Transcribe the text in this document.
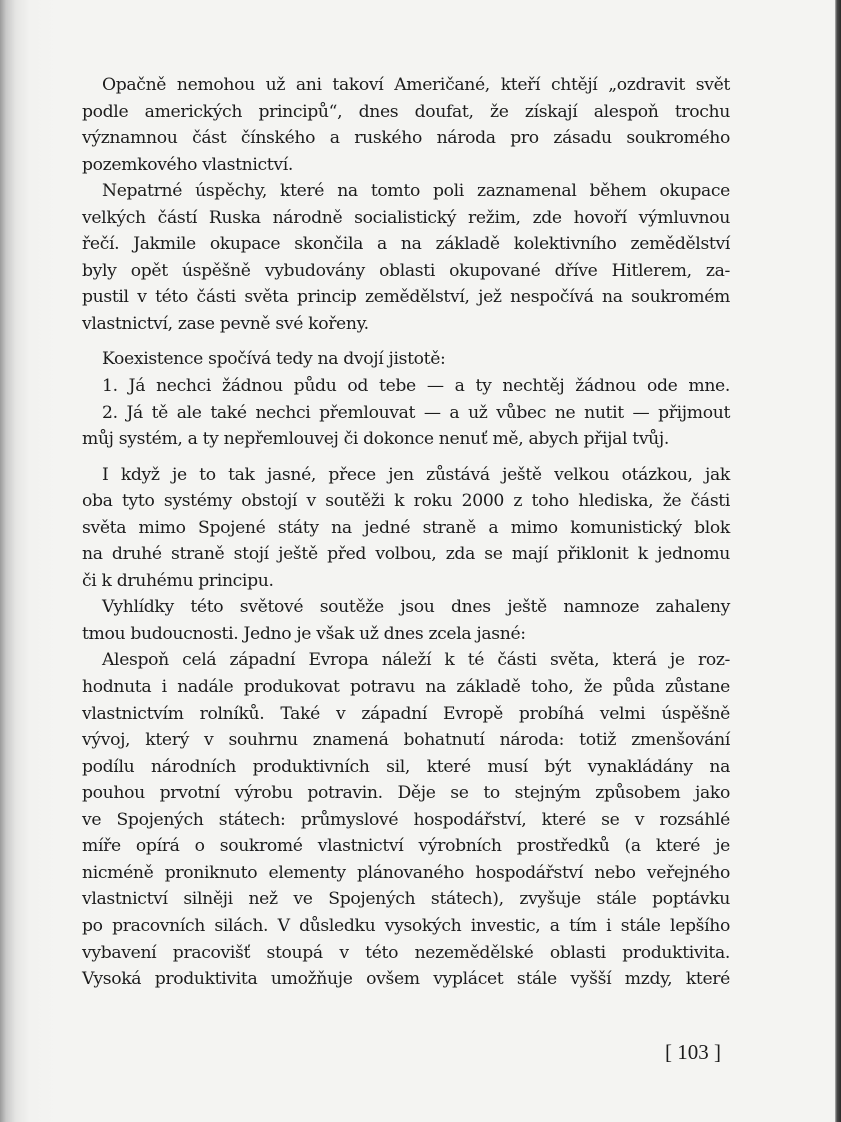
Opačně nemohou už ani takoví Američané, kteří chtějí „ozdravit svět
podle amerických principů“, dnes doufat, že získají alespoň trochu
významnou část čínského a ruského národa pro zásadu soukromého
pozemkového vlastnictví.
Nepatrné úspěchy, které na tomto poli zaznamenal během okupace
velkých částí Ruska národně socialistický režim, zde hovoří výmluvnou
řečí. Jakmile okupace skončila a na základě kolektivního zemědělství
byly opět úspěšně vybudovány oblasti okupované dříve Hitlerem, za-
pustil v této části světa princip zemědělství, jež nespočívá na soukromém
vlastnictví, zase pevně své kořeny.
Koexistence spočívá tedy na dvojí jistotě:
1. Já nechci žádnou půdu od tebe — a ty nechtěj žádnou ode mne.
2. Já tě ale také nechci přemlouvat — a už vůbec ne nutit — přijmout
můj systém, a ty nepřemlouvej či dokonce nenuť mě, abych přijal tvůj.
I když je to tak jasné, přece jen zůstává ještě velkou otázkou, jak
oba tyto systémy obstojí v soutěži k roku 2000 z toho hlediska, že části
světa mimo Spojené státy na jedné straně a mimo komunistický blok
na druhé straně stojí ještě před volbou, zda se mají přiklonit k jednomu
či k druhému principu.
Vyhlídky této světové soutěže jsou dnes ještě namnoze zahaleny
tmou budoucnosti. Jedno je však už dnes zcela jasné:
Alespoň celá západní Evropa náleží k té části světa, která je roz-
hodnuta i nadále produkovat potravu na základě toho, že půda zůstane
vlastnictvím rolníků. Také v západní Evropě probíhá velmi úspěšně
vývoj, který v souhrnu znamená bohatnutí národa: totiž zmenšování
podílu národních produktivních sil, které musí být vynakládány na
pouhou prvotní výrobu potravin. Děje se to stejným způsobem jako
ve Spojených státech: průmyslové hospodářství, které se v rozsáhlé
míře opírá o soukromé vlastnictví výrobních prostředků (a které je
nicméně proniknuto elementy plánovaného hospodářství nebo veřejného
vlastnictví silněji než ve Spojených státech), zvyšuje stále poptávku
po pracovních silách. V důsledku vysokých investic, a tím i stále lepšího
vybavení pracovišť stoupá v této nezemědělské oblasti produktivita.
Vysoká produktivita umožňuje ovšem vyplácet stále vyšší mzdy, které
[ 103 ]
